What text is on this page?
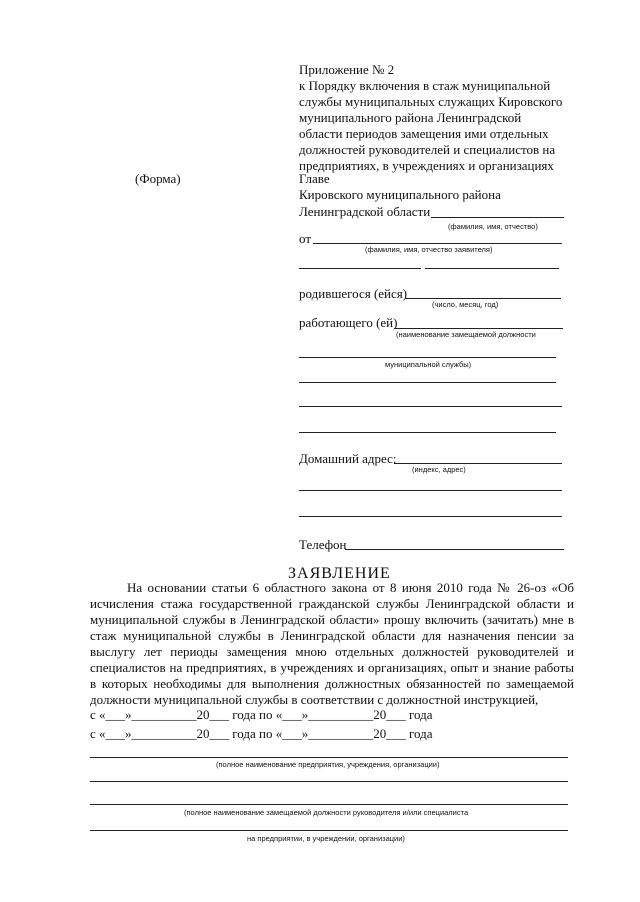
Приложение № 2
к Порядку включения в стаж муниципальной
службы муниципальных служащих Кировского
муниципального района Ленинградской
области периодов замещения ими отдельных
должностей руководителей и специалистов на
предприятиях, в учреждениях и организациях
(Форма)	Главе
Кировского муниципального района
Ленинградской области
(фамилия, имя, отчество)
от
(фамилия, имя, отчество заявителя)
родившегося (ейся)
(число, месяц, год)
работающего (ей)
(наименование замещаемой должности
муниципальной службы)
Домашний адрес:
(индекс, адрес)
Телефон
ЗАЯВЛЕНИЕ
На основании статьи 6 областного закона от 8 июня 2010 года № 26-оз «Об исчисления стажа государственной гражданской службы Ленинградской области и муниципальной службы в Ленинградской области» прошу включить (зачитать) мне в стаж муниципальной службы в Ленинградской области для назначения пенсии за выслугу лет периоды замещения мною отдельных должностей руководителей и специалистов на предприятиях, в учреждениях и организациях, опыт и знание работы в которых необходимы для выполнения должностных обязанностей по замещаемой должности муниципальной службы в соответствии с должностной инструкцией,
с «___»__________20___ года по «___»__________20___ года
с «___»__________20___ года по «___»__________20___ года
(полное наименование предприятия, учреждения, организации)
(полное наименование замещаемой должности руководителя и/или специалиста
на предприятии, в учреждении, организации)
